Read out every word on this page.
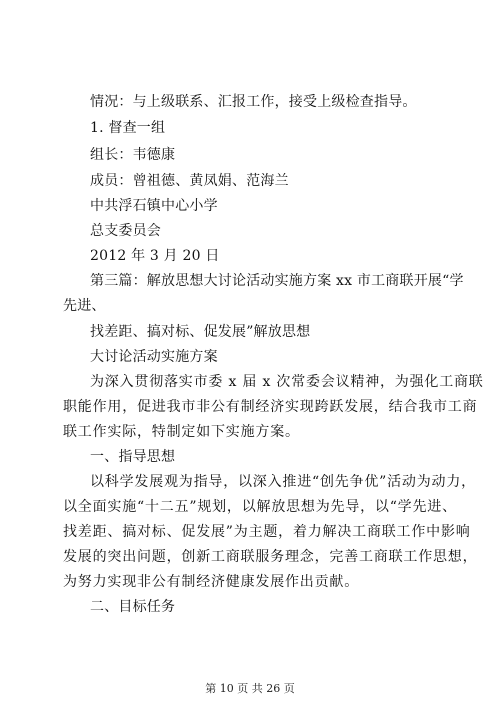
情况：与上级联系、汇报工作，接受上级检查指导。
1. 督查一组
组长：韦德康
成员：曾祖德、黄凤娟、范海兰
中共浮石镇中心小学
总支委员会
2012 年 3 月 20 日
第三篇：解放思想大讨论活动实施方案 xx 市工商联开展“学
先进、
找差距、搞对标、促发展”解放思想
大讨论活动实施方案
为深入贯彻落实市委 x 届 x 次常委会议精神，为强化工商联
职能作用，促进我市非公有制经济实现跨跃发展，结合我市工商
联工作实际，特制定如下实施方案。
一、指导思想
以科学发展观为指导，以深入推进“创先争优”活动为动力，
以全面实施“十二五”规划，以解放思想为先导，以“学先进、
找差距、搞对标、促发展”为主题，着力解决工商联工作中影响
发展的突出问题，创新工商联服务理念，完善工商联工作思想，
为努力实现非公有制经济健康发展作出贡献。
二、目标任务
第 10 页 共 26 页
